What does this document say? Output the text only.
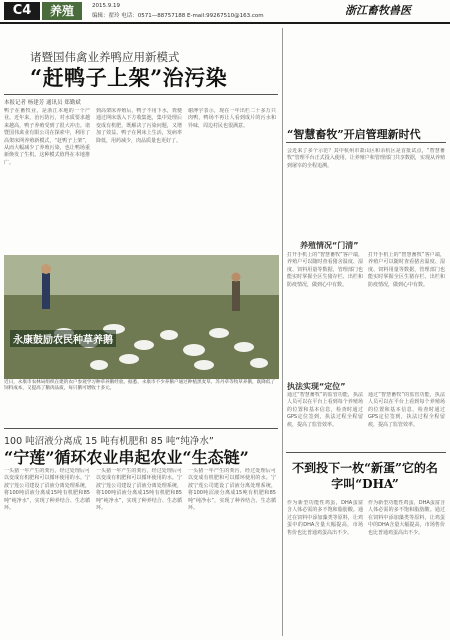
C4	养殖	2015.9.19
编辑：翟玲 电话：0571—88757188 E-mail:99267510@163.com	浙江畜牧兽医
诸暨国伟禽业养鸭应用新模式
“赶鸭子上架”治污染
本报记者 杨建芳 通讯员 郑勤斌
鸭子在畜牧业，是浙江本地的一个产业。近年来，治污防污，对水质要求越来越高，鸭子养殖受到了很大冲击。诸暨国伟禽业有限公司在探索中，利用了高架床网养殖新模式，“赶鸭子上架”，从而大幅减少了养殖污染，也让鸭场重新焕发了生机。这种模式值得在本地推广。
到高架床养殖后，鸭子不用下水，粪便通过网床落入下方收集池，集中处理后变成有机肥，既解决了污染问题，又增加了效益。鸭子在网床上生活，发病率降低，用药减少，肉品质量也更好了。
谢溥宇表示，现在一年出栏二十多万只肉鸭，鸭场不再让人看到成片的污水和异味，周边村民也很满意。
永康鼓励农民种草养鹅
近日，永康市农林局组织在建的农户参观学习种草养鹅经验。据悉，永康市不少养鹅户通过种植黑麦草、苏丹草等牧草养鹅，既降低了饲料成本，又提高了鹅肉品质，每只鹅可增收十多元。
100 吨沼液分离成 15 吨有机肥和 85 吨“纯净水”
“宁莲”循环农业串起农业“生态链”
一头猪一年产生的粪污，经过处理后可以变成有机肥和可以循环使用的水。宁波宁莲公司建设了沼液分离处理系统，将100吨沼液分离成15吨有机肥和85吨“纯净水”，实现了种养结合、生态循环。
一头猪一年产生的粪污，经过处理后可以变成有机肥和可以循环使用的水。宁波宁莲公司建设了沼液分离处理系统，将100吨沼液分离成15吨有机肥和85吨“纯净水”，实现了种养结合、生态循环。
一头猪一年产生的粪污，经过处理后可以变成有机肥和可以循环使用的水。宁波宁莲公司建设了沼液分离处理系统，将100吨沼液分离成15吨有机肥和85吨“纯净水”，实现了种养结合、生态循环。
“智慧畜牧”开启管理新时代
会近来了多个示范？其中杭州市萧山区和余杭区是首批试点，“智慧畜牧”管理平台正式投入使用，让养殖户和管理部门共享数据，实现从养殖到屠宰的全程追溯。
养殖情况“门清”
打开手机上的“智慧畜牧”客户端，养殖户可以随时查看猪舍温度、湿度、饲料用量等数据，管理部门也能实时掌握全区生猪存栏、出栏和防疫情况，做到心中有数。
打开手机上的“智慧畜牧”客户端，养殖户可以随时查看猪舍温度、湿度、饲料用量等数据，管理部门也能实时掌握全区生猪存栏、出栏和防疫情况，做到心中有数。
执法实现“定位”
通过“智慧畜牧”的监管功能，执法人员可以在平台上看到每个养殖场的位置和基本信息，检查时通过GPS定位签到，执法过程全程留痕，提高了监管效率。
通过“智慧畜牧”的监管功能，执法人员可以在平台上看到每个养殖场的位置和基本信息，检查时通过GPS定位签到，执法过程全程留痕，提高了监管效率。
不到投下一枚“新蛋”它的名字叫“DHA”
作为新型功能性鸡蛋，DHA蛋富含人体必需的多不饱和脂肪酸。通过在饲料中添加藻类等原料，让鸡蛋中的DHA含量大幅提高，市场售价也比普通鸡蛋高出不少。
作为新型功能性鸡蛋，DHA蛋富含人体必需的多不饱和脂肪酸。通过在饲料中添加藻类等原料，让鸡蛋中的DHA含量大幅提高，市场售价也比普通鸡蛋高出不少。
